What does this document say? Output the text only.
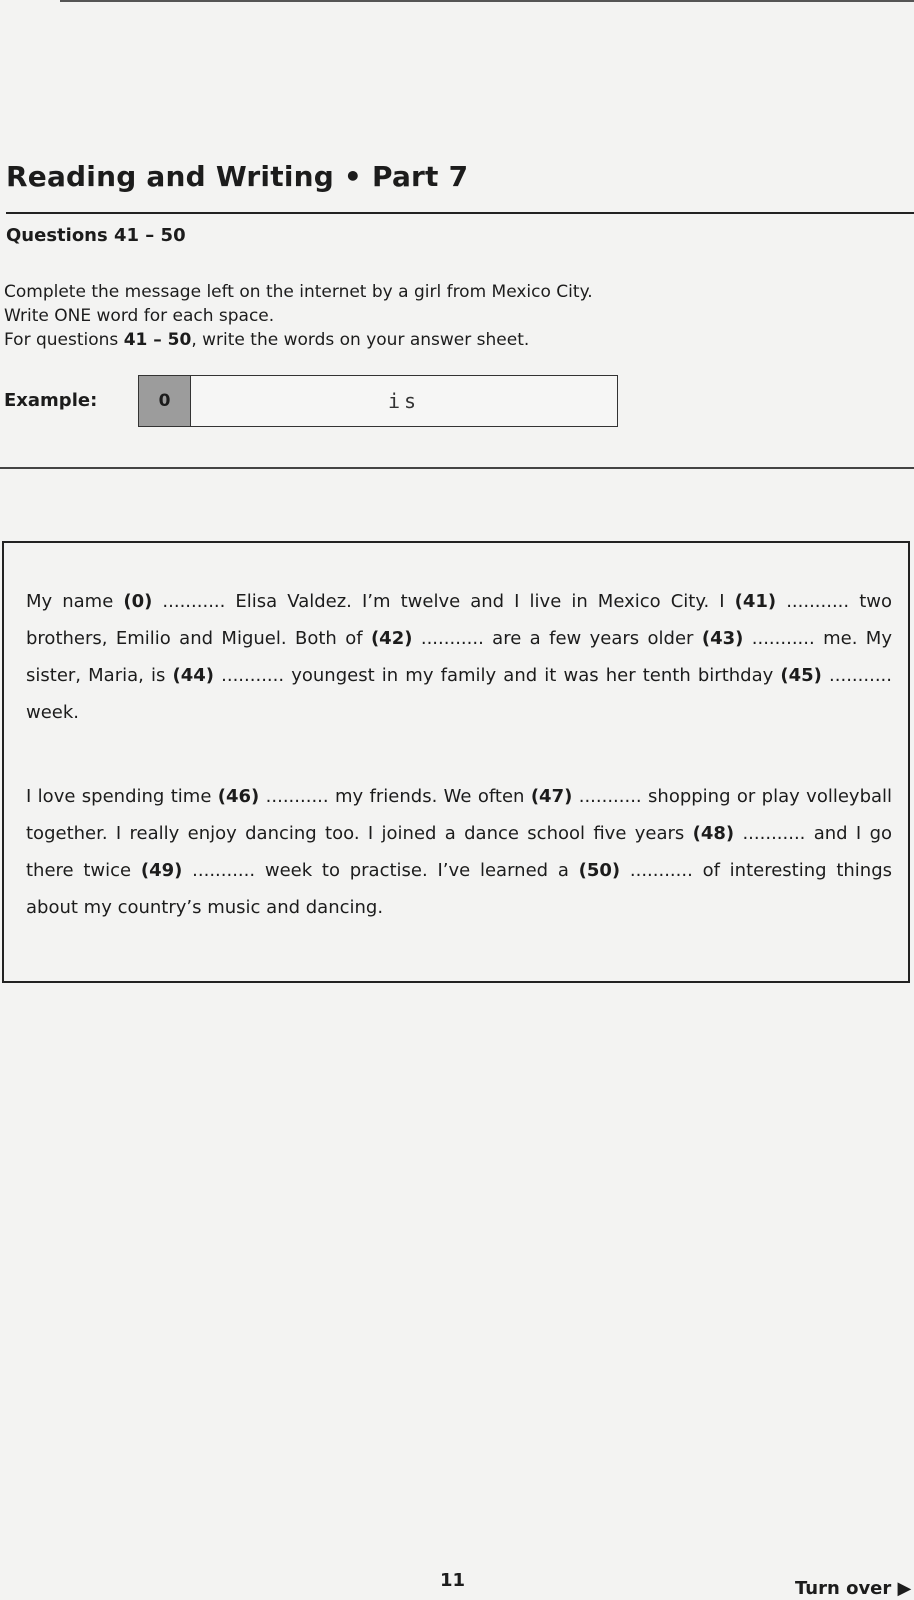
Reading and Writing • Part 7
Questions 41 – 50
Complete the message left on the internet by a girl from Mexico City.
Write ONE word for each space.
For questions 41 – 50, write the words on your answer sheet.
Example:	0	is

My name (0) ........... Elisa Valdez. I’m twelve and I live in Mexico City. I (41) ........... two brothers, Emilio and Miguel. Both of (42) ........... are a few years older (43) ........... me. My sister, Maria, is (44) ........... youngest in my family and it was her tenth birthday (45) ........... week.

I love spending time (46) ........... my friends. We often (47) ........... shopping or play volleyball together. I really enjoy dancing too. I joined a dance school five years (48) ........... and I go there twice (49) ........... week to practise. I’ve learned a (50) ........... of interesting things about my country’s music and dancing.

11	Turn over ▶
